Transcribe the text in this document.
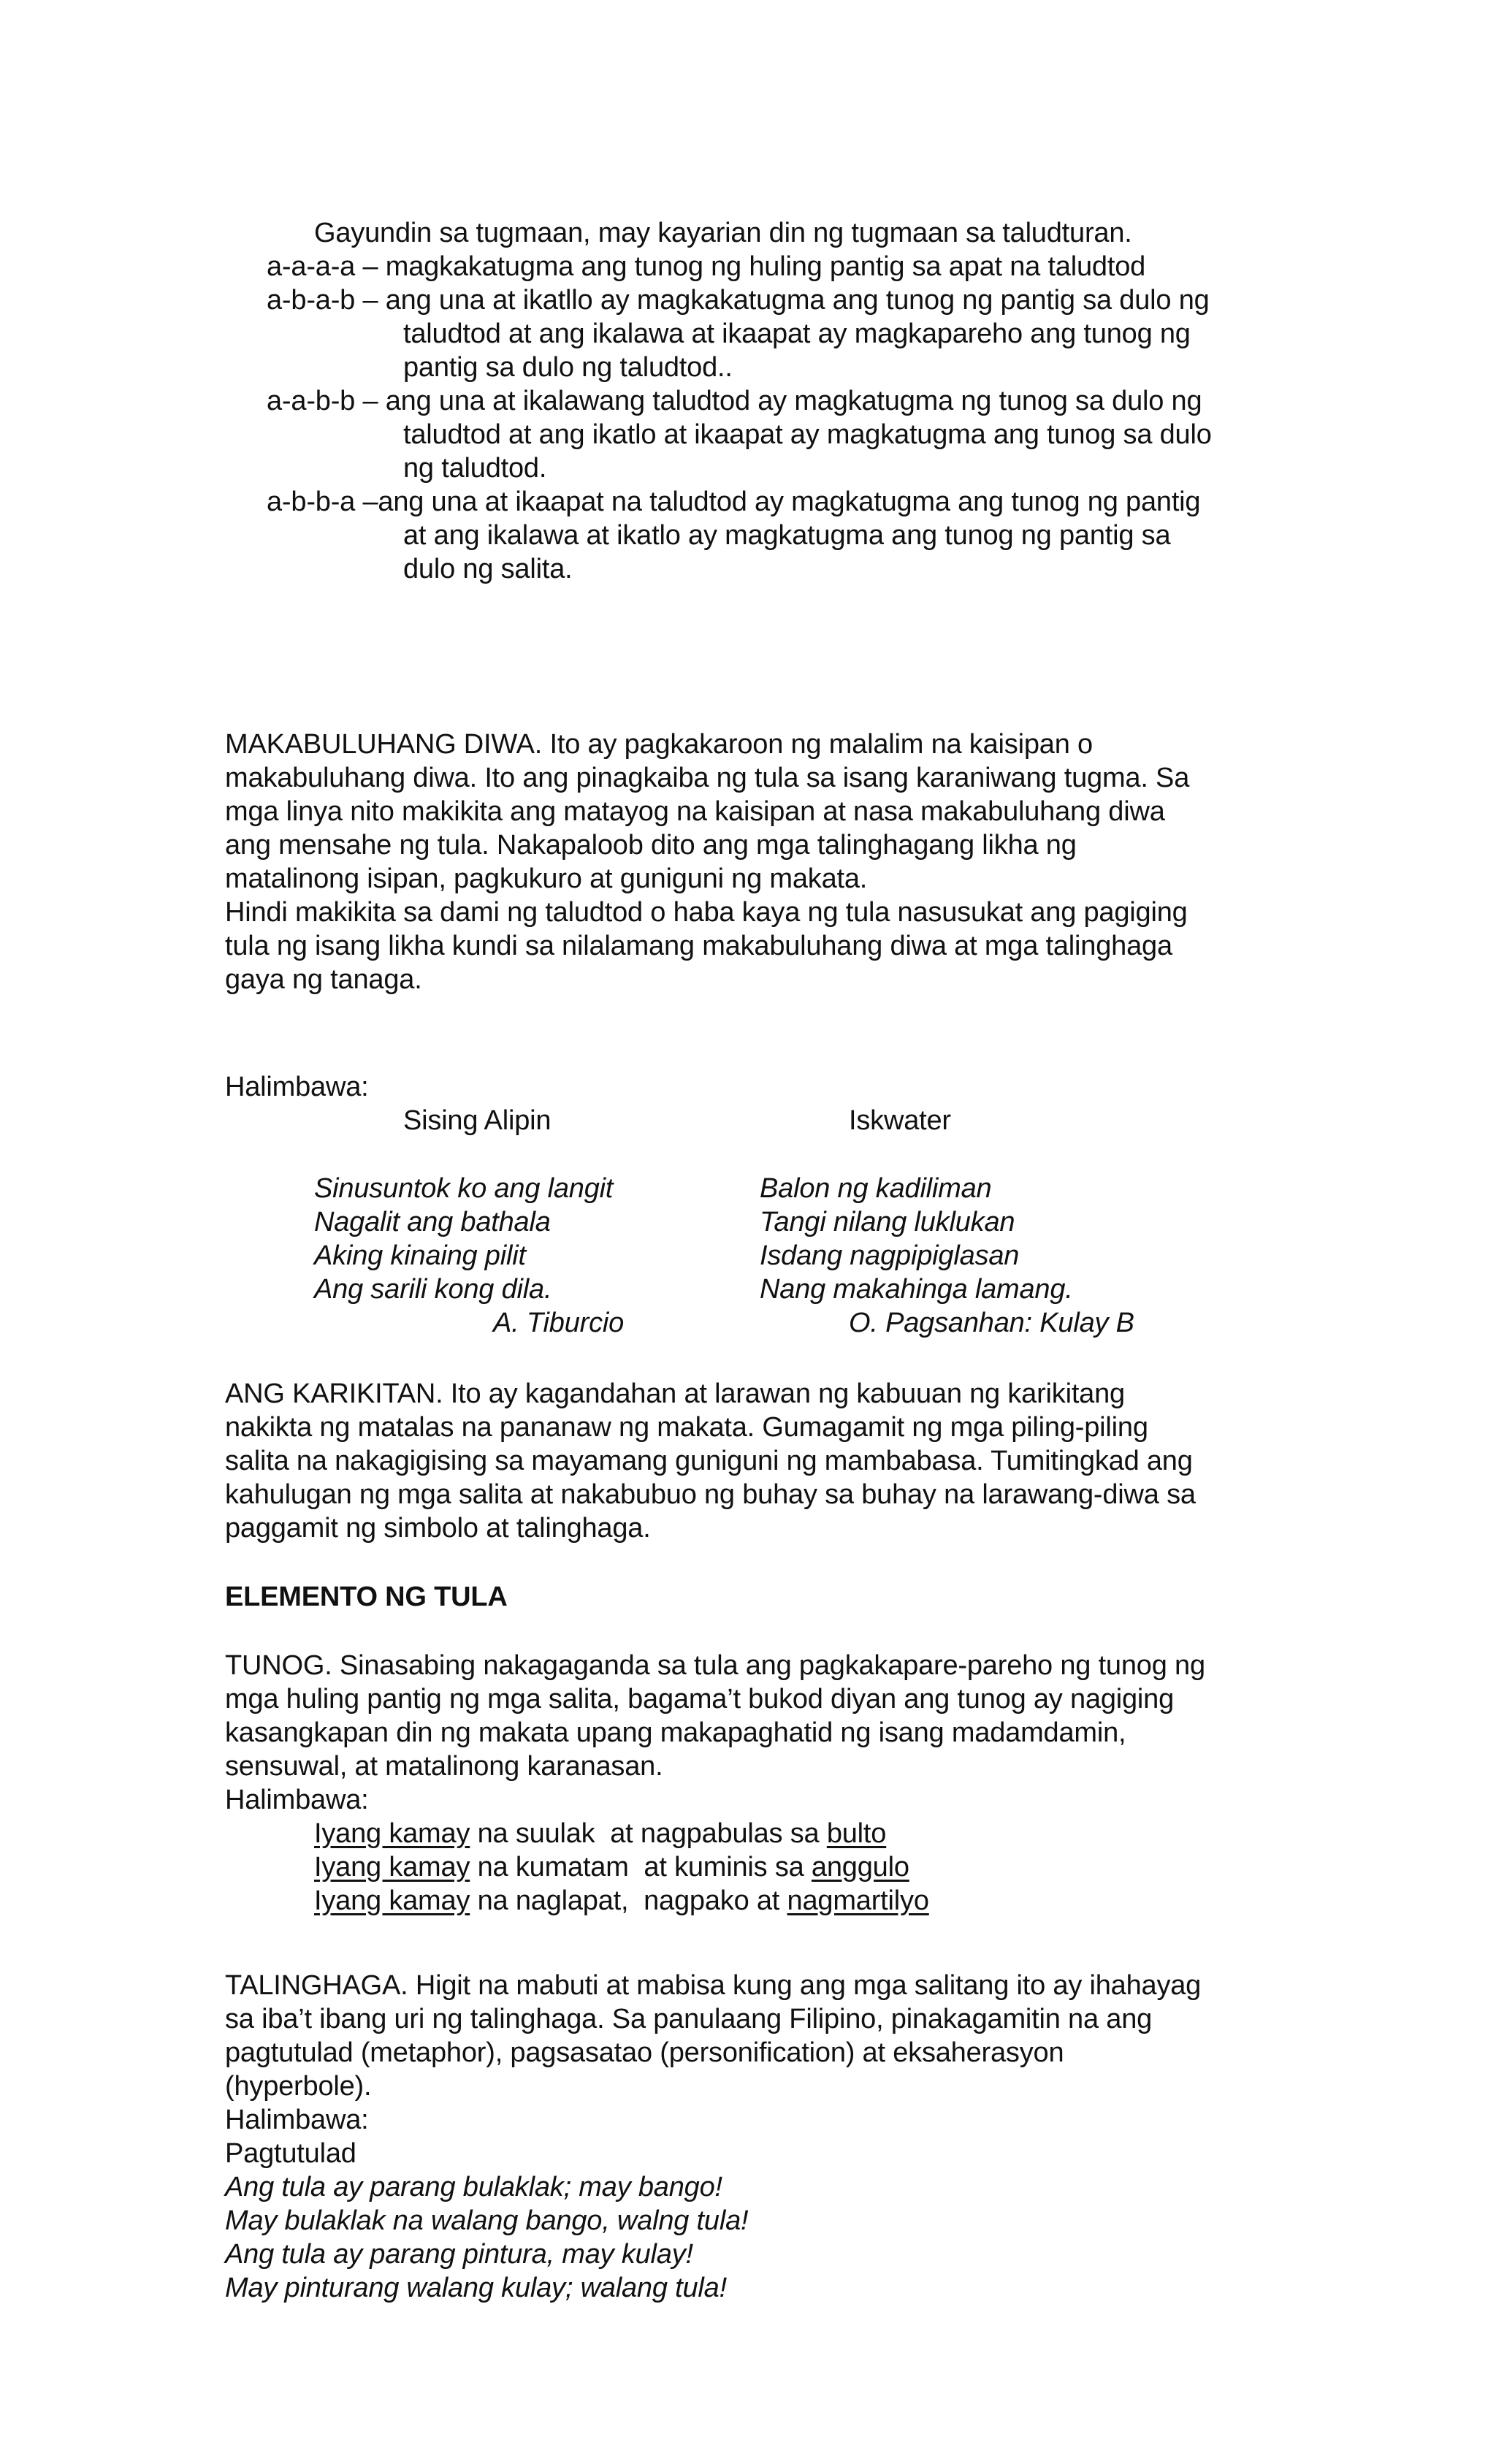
Gayundin sa tugmaan, may kayarian din ng tugmaan sa taludturan.
a-a-a-a – magkakatugma ang tunog ng huling pantig sa apat na taludtod
a-b-a-b – ang una at ikatllo ay magkakatugma ang tunog ng pantig sa dulo ng
taludtod at ang ikalawa at ikaapat ay magkapareho ang tunog ng
pantig sa dulo ng taludtod..
a-a-b-b – ang una at ikalawang taludtod ay magkatugma ng tunog sa dulo ng
taludtod at ang ikatlo at ikaapat ay magkatugma ang tunog sa dulo
ng taludtod.
a-b-b-a –ang una at ikaapat na taludtod ay magkatugma ang tunog ng pantig
at ang ikalawa at ikatlo ay magkatugma ang tunog ng pantig sa
dulo ng salita.
MAKABULUHANG DIWA. Ito ay pagkakaroon ng malalim na kaisipan o
makabuluhang diwa. Ito ang pinagkaiba ng tula sa isang karaniwang tugma. Sa
mga linya nito makikita ang matayog na kaisipan at nasa makabuluhang diwa
ang mensahe ng tula. Nakapaloob dito ang mga talinghagang likha ng
matalinong isipan, pagkukuro at guniguni ng makata.
Hindi makikita sa dami ng taludtod o haba kaya ng tula nasusukat ang pagiging
tula ng isang likha kundi sa nilalamang makabuluhang diwa at mga talinghaga
gaya ng tanaga.
Halimbawa:
Sising Alipin	Iskwater
Sinusuntok ko ang langit
Nagalit ang bathala
Aking kinaing pilit
Ang sarili kong dila.
A. Tiburcio
Balon ng kadiliman
Tangi nilang luklukan
Isdang nagpipiglasan
Nang makahinga lamang.
O. Pagsanhan: Kulay B
ANG KARIKITAN. Ito ay kagandahan at larawan ng kabuuan ng karikitang
nakikta ng matalas na pananaw ng makata. Gumagamit ng mga piling-piling
salita na nakagigising sa mayamang guniguni ng mambabasa. Tumitingkad ang
kahulugan ng mga salita at nakabubuo ng buhay sa buhay na larawang-diwa sa
paggamit ng simbolo at talinghaga.
ELEMENTO NG TULA
TUNOG. Sinasabing nakagaganda sa tula ang pagkakapare-pareho ng tunog ng
mga huling pantig ng mga salita, bagama’t bukod diyan ang tunog ay nagiging
kasangkapan din ng makata upang makapaghatid ng isang madamdamin,
sensuwal, at matalinong karanasan.
Halimbawa:
Iyang kamay na suulak  at nagpabulas sa bulto
Iyang kamay na kumatam  at kuminis sa anggulo
Iyang kamay na naglapat,  nagpako at nagmartilyo
TALINGHAGA. Higit na mabuti at mabisa kung ang mga salitang ito ay ihahayag
sa iba’t ibang uri ng talinghaga. Sa panulaang Filipino, pinakagamitin na ang
pagtutulad (metaphor), pagsasatao (personification) at eksaherasyon
(hyperbole).
Halimbawa:
Pagtutulad
Ang tula ay parang bulaklak; may bango!
May bulaklak na walang bango, walng tula!
Ang tula ay parang pintura, may kulay!
May pinturang walang kulay; walang tula!
